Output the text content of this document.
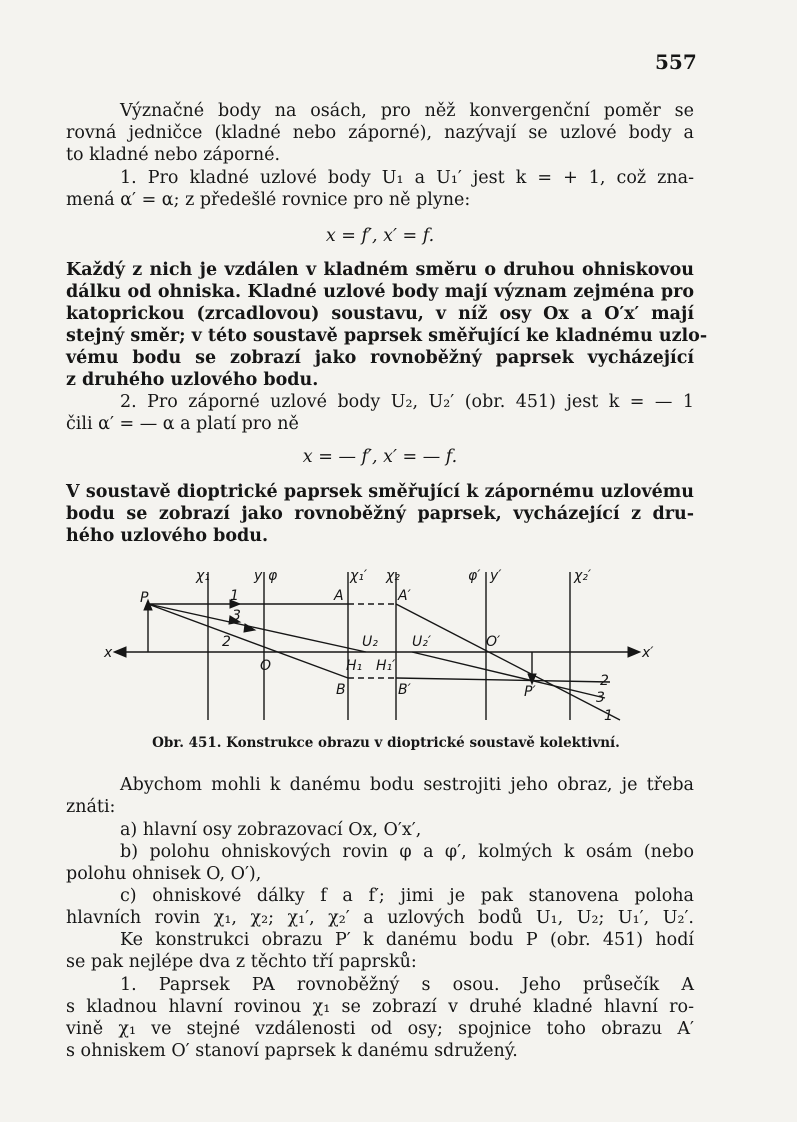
557

Význačné body na osách, pro něž konvergenční poměr se

rovná jedničce (kladné nebo záporné), nazývají se uzlové body a

to kladné nebo záporné.

1. Pro kladné uzlové body U₁ a U₁′ jest k = + 1, což zna-

mená α′ = α; z předešlé rovnice pro ně plyne:

x = f′, x′ = f.

Každý z nich je vzdálen v kladném směru o druhou ohniskovou

dálku od ohniska. Kladné uzlové body mají význam zejména pro

katoprickou (zrcadlovou) soustavu, v níž osy Ox a O′x′ mají

stejný směr; v této soustavě paprsek směřující ke kladnému uzlo-

vému bodu se zobrazí jako rovnoběžný paprsek vycházející

z druhého uzlového bodu.

2. Pro záporné uzlové body U₂, U₂′ (obr. 451) jest k = — 1

čili α′ = — α a platí pro ně

x = — f′, x′ = — f.

V soustavě dioptrické paprsek směřující k zápornému uzlovému

bodu se zobrazí jako rovnoběžný paprsek, vycházející z dru-

hého uzlového bodu.

χ₁	y φ	χ₁′ χ₂	φ′ y′	χ₂′
P	A	A′
x	x′
O
U₂ U₂′	O′
H₁ H₁′
B	B′	P′
1
2
3
2
3
1
Obr. 451. Konstrukce obrazu v dioptrické soustavě kolektivní.

Abychom mohli k danému bodu sestrojiti jeho obraz, je třeba

znáti:

a) hlavní osy zobrazovací Ox, O′x′,

b) polohu ohniskových rovin φ a φ′, kolmých k osám (nebo

polohu ohnisek O, O′),

c) ohniskové dálky f a f′; jimi je pak stanovena poloha

hlavních rovin χ₁, χ₂; χ₁′, χ₂′ a uzlových bodů U₁, U₂; U₁′, U₂′.

Ke konstrukci obrazu P′ k danému bodu P (obr. 451) hodí

se pak nejlépe dva z těchto tří paprsků:

1. Paprsek PA rovnoběžný s osou. Jeho průsečík A

s kladnou hlavní rovinou χ₁ se zobrazí v druhé kladné hlavní ro-

vině χ₁ ve stejné vzdálenosti od osy; spojnice toho obrazu A′

s ohniskem O′ stanoví paprsek k danému sdružený.
